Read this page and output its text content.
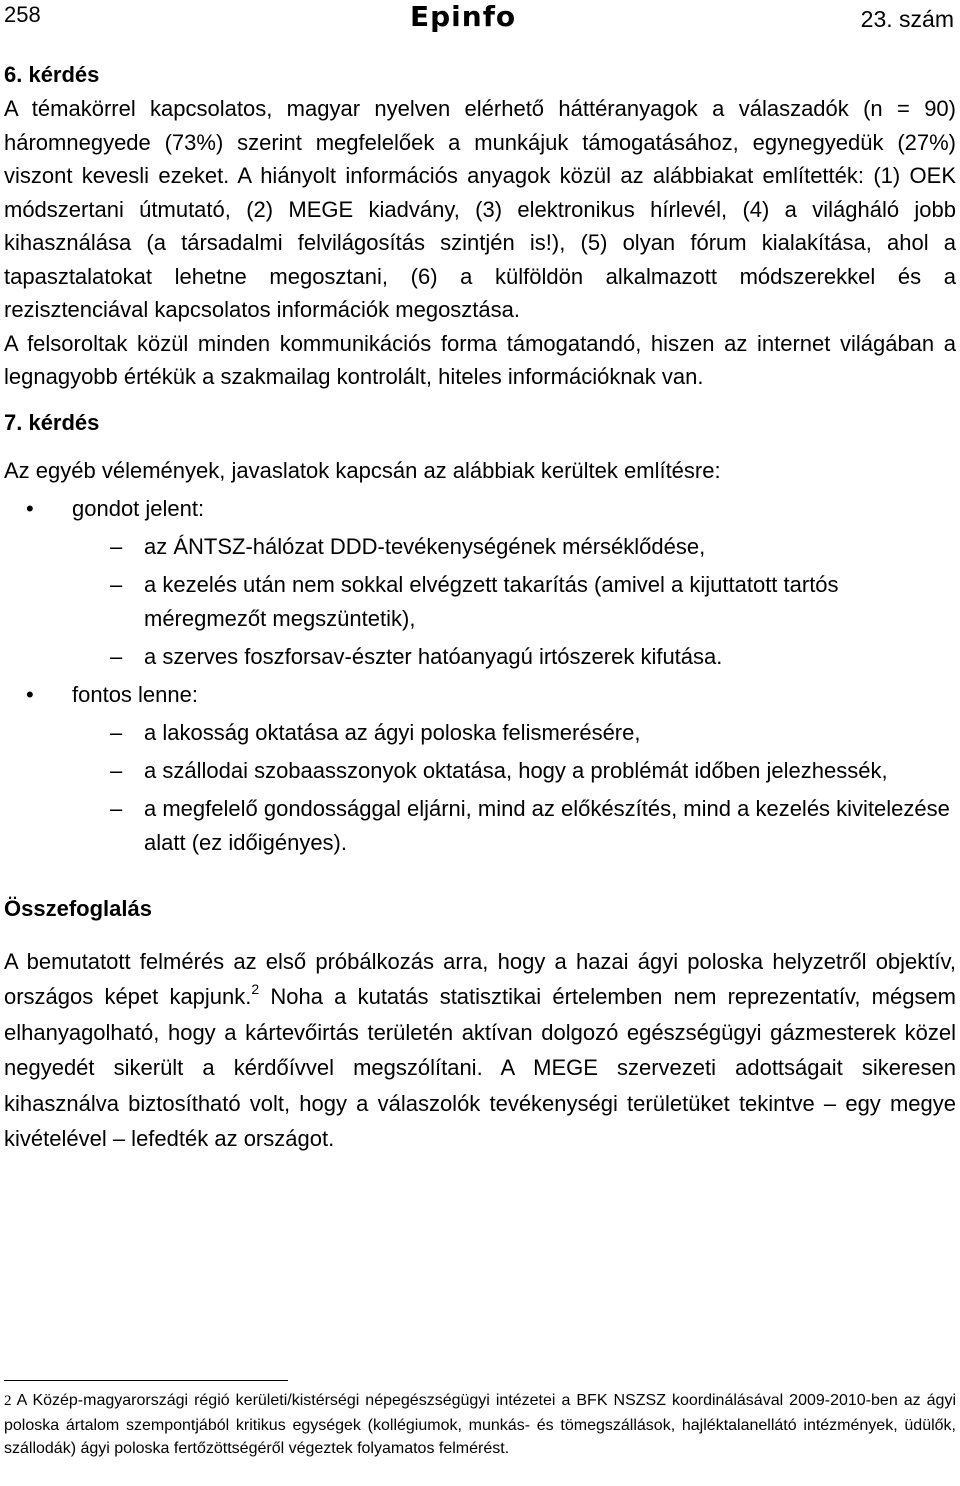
258	Epinfo	23. szám

6. kérdés

A témakörrel kapcsolatos, magyar nyelven elérhető háttéranyagok a válaszadók (n = 90) háromnegyede (73%) szerint megfelelőek a munkájuk támogatásához, egynegyedük (27%) viszont kevesli ezeket. A hiányolt információs anyagok közül az alábbiakat említették: (1) OEK módszertani útmutató, (2) MEGE kiadvány, (3) elektronikus hírlevél, (4) a világháló jobb kihasználása (a társadalmi felvilágosítás szintjén is!), (5) olyan fórum kialakítása, ahol a tapasztalatokat lehetne megosztani, (6) a külföldön alkalmazott módszerekkel és a rezisztenciával kapcsolatos információk megosztása.

A felsoroltak közül minden kommunikációs forma támogatandó, hiszen az internet világában a legnagyobb értékük a szakmailag kontrolált, hiteles információknak van.

7. kérdés

Az egyéb vélemények, javaslatok kapcsán az alábbiak kerültek említésre:

• gondot jelent:
– az ÁNTSZ-hálózat DDD-tevékenységének mérséklődése,
– a kezelés után nem sokkal elvégzett takarítás (amivel a kijuttatott tartós méregmezőt megszüntetik),
– a szerves foszforsav-észter hatóanyagú irtószerek kifutása.
• fontos lenne:
– a lakosság oktatása az ágyi poloska felismerésére,
– a szállodai szobaasszonyok oktatása, hogy a problémát időben jelezhessék,
– a megfelelő gondossággal eljárni, mind az előkészítés, mind a kezelés kivitelezése alatt (ez időigényes).

Összefoglalás

A bemutatott felmérés az első próbálkozás arra, hogy a hazai ágyi poloska helyzetről objektív, országos képet kapjunk.$^2$ Noha a kutatás statisztikai értelemben nem reprezentatív, mégsem elhanyagolható, hogy a kártevőirtás területén aktívan dolgozó egészségügyi gázmesterek közel negyedét sikerült a kérdőívvel megszólítani. A MEGE szervezeti adottságait sikeresen kihasználva biztosítható volt, hogy a válaszolók tevékenységi területüket tekintve – egy megye kivételével – lefedték az országot.

2 A Közép-magyarországi régió kerületi/kistérségi népegészségügyi intézetei a BFK NSZSZ koordinálásával 2009-2010-ben az ágyi poloska ártalom szempontjából kritikus egységek (kollégiumok, munkás- és tömegszállások, hajléktalanellátó intézmények, üdülők, szállodák) ágyi poloska fertőzöttségéről végeztek folyamatos felmérést.
